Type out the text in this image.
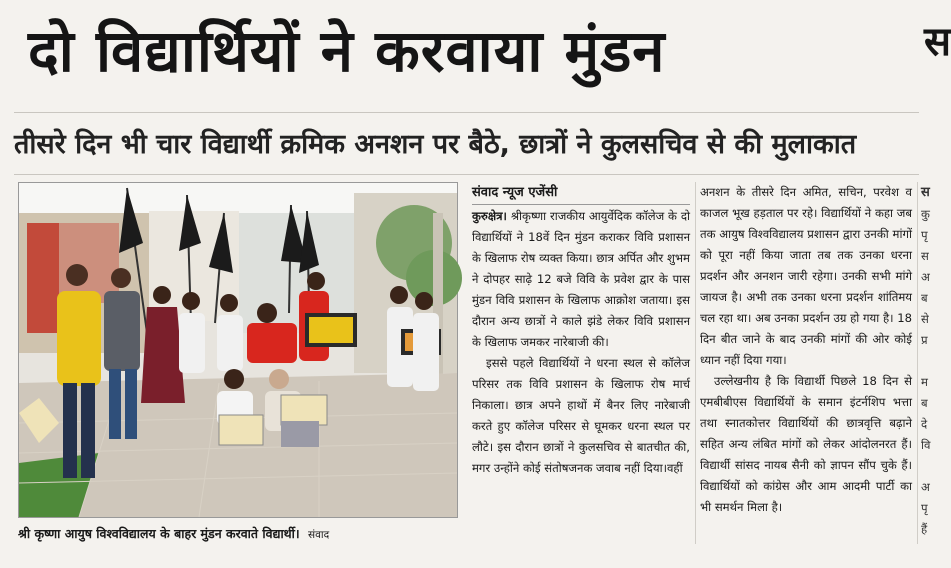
दो विद्यार्थियों ने करवाया मुंडन	स
तीसरे दिन भी चार विद्यार्थी क्रमिक अनशन पर बैठे, छात्रों ने कुलसचिव से की मुलाकात
श्री कृष्णा आयुष विश्वविद्यालय के बाहर मुंडन करवाते विद्यार्थी। संवाद
संवाद न्यूज एजेंसी

कुरुक्षेत्र। श्रीकृष्णा राजकीय आयुर्वेदिक कॉलेज के दो विद्यार्थियों ने 18वें दिन मुंडन कराकर विवि प्रशासन के खिलाफ रोष व्यक्त किया। छात्र अर्पित और शुभम ने दोपहर साढ़े 12 बजे विवि के प्रवेश द्वार के पास मुंडन विवि प्रशासन के खिलाफ आक्रोश जताया। इस दौरान अन्य छात्रों ने काले झंडे लेकर विवि प्रशासन के खिलाफ जमकर नारेबाजी की।

इससे पहले विद्यार्थियों ने धरना स्थल से कॉलेज परिसर तक विवि प्रशासन के खिलाफ रोष मार्च निकाला। छात्र अपने हाथों में बैनर लिए नारेबाजी करते हुए कॉलेज परिसर से घूमकर धरना स्थल पर लौटे। इस दौरान छात्रों ने कुलसचिव से बातचीत की, मगर उन्होंने कोई संतोषजनक जवाब नहीं दिया।वहीं

अनशन के तीसरे दिन अमित, सचिन, परवेश व काजल भूख हड़ताल पर रहे। विद्यार्थियों ने कहा जब तक आयुष विश्वविद्यालय प्रशासन द्वारा उनकी मांगों को पूरा नहीं किया जाता तब तक उनका धरना प्रदर्शन और अनशन जारी रहेगा। उनकी सभी मांगे जायज है। अभी तक उनका धरना प्रदर्शन शांतिमय चल रहा था। अब उनका प्रदर्शन उग्र हो गया है। 18 दिन बीत जाने के बाद उनकी मांगों की ओर कोई ध्यान नहीं दिया गया।

उल्लेखनीय है कि विद्यार्थी पिछले 18 दिन से एमबीबीएस विद्यार्थियों के समान इंटर्नशिप भत्ता तथा स्नातकोत्तर विद्यार्थियों की छात्रवृत्ति बढ़ाने सहित अन्य लंबित मांगों को लेकर आंदोलनरत हैं। विद्यार्थी सांसद नायब सैनी को ज्ञापन सौंप चुके हैं। विद्यार्थियों को कांग्रेस और आम आदमी पार्टी का भी समर्थन मिला है।

स
कु
पृ
स
अ
ब
से
प्र

म
ब
दे
वि

अ
पृ
हैं
